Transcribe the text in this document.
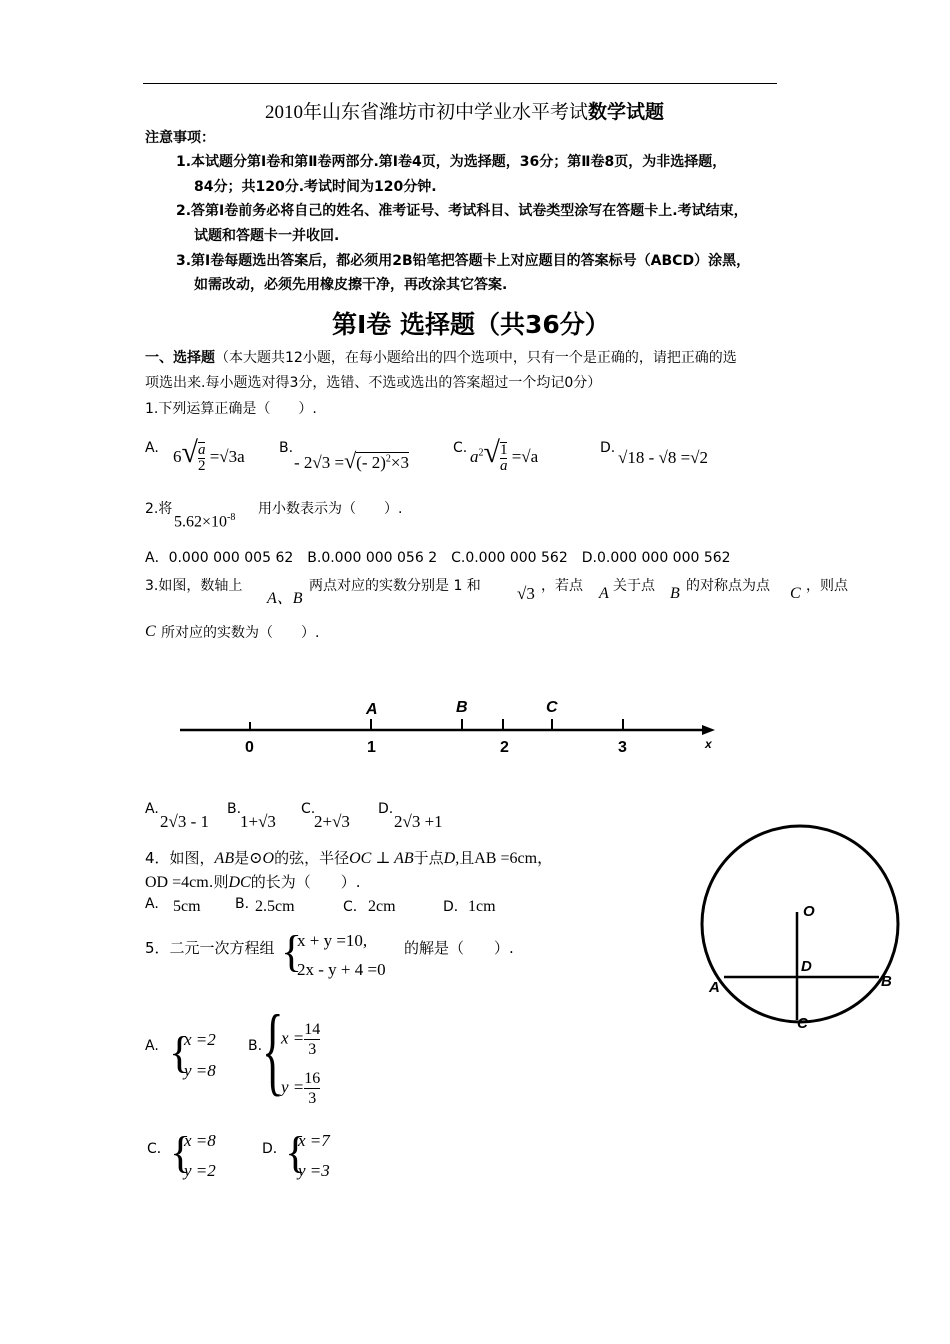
2010年山东省潍坊市初中学业水平考试数学试题
注意事项：
1.本试题分第Ⅰ卷和第Ⅱ卷两部分.第Ⅰ卷4页，为选择题，36分；第Ⅱ卷8页，为非选择题，
84分；共120分.考试时间为120分钟.
2.答第Ⅰ卷前务必将自己的姓名、准考证号、考试科目、试卷类型涂写在答题卡上.考试结束，
试题和答题卡一并收回.
3.第Ⅰ卷每题选出答案后，都必须用2B铅笔把答题卡上对应题目的答案标号（ABCD）涂黑，
如需改动，必须先用橡皮擦干净，再改涂其它答案.
第Ⅰ卷 选择题（共36分）
一、选择题（本大题共12小题，在每小题给出的四个选项中，只有一个是正确的，请把正确的选
项选出来.每小题选对得3分，选错、不选或选出的答案超过一个均记0分）
1.下列运算正确是（　　）.
A. $6√ \frac{a}{2} =√3a$ B.
- 2√3 =√(- 2)$^2$×3
C. $a^2√ \frac{1}{a} =√a$	D. √18 - √8 =√2
2.将
$5.62\times 10^{-8}$
用小数表示为（　　）.
A．0.000 000 005 62　B.0.000 000 056 2　C.0.000 000 562　D.0.000 000 000 562
3.如图，数轴上
A、B
两点对应的实数分别是 1 和 √3 ，若点 A 关于点 B 的对称点为点 C ，则点
C 所对应的实数为（　　）.
A	B	C
0	1	2	3	x
A.
2√3 - 1
B.
1+√3
C.
2+√3
D.
2√3 +1
4．如图，AB是⊙O的弦，半径OC ⊥ AB于点D,且AB =6cm，
OD =4cm.则DC的长为（　　）.
A. 5cm B. 2.5cm	C． 2cm	D． 1cm	O
D
A	B
C
5．二元一次方程组 {
x + y =10,
2x - y + 4 =0
的解是（　　）.
A. {
x =2
y =8
B. {
$x = \frac{14}{3}$
$y = \frac{16}{3}$
C． {
x =8
y =2
D．
{
x =7
y =3
